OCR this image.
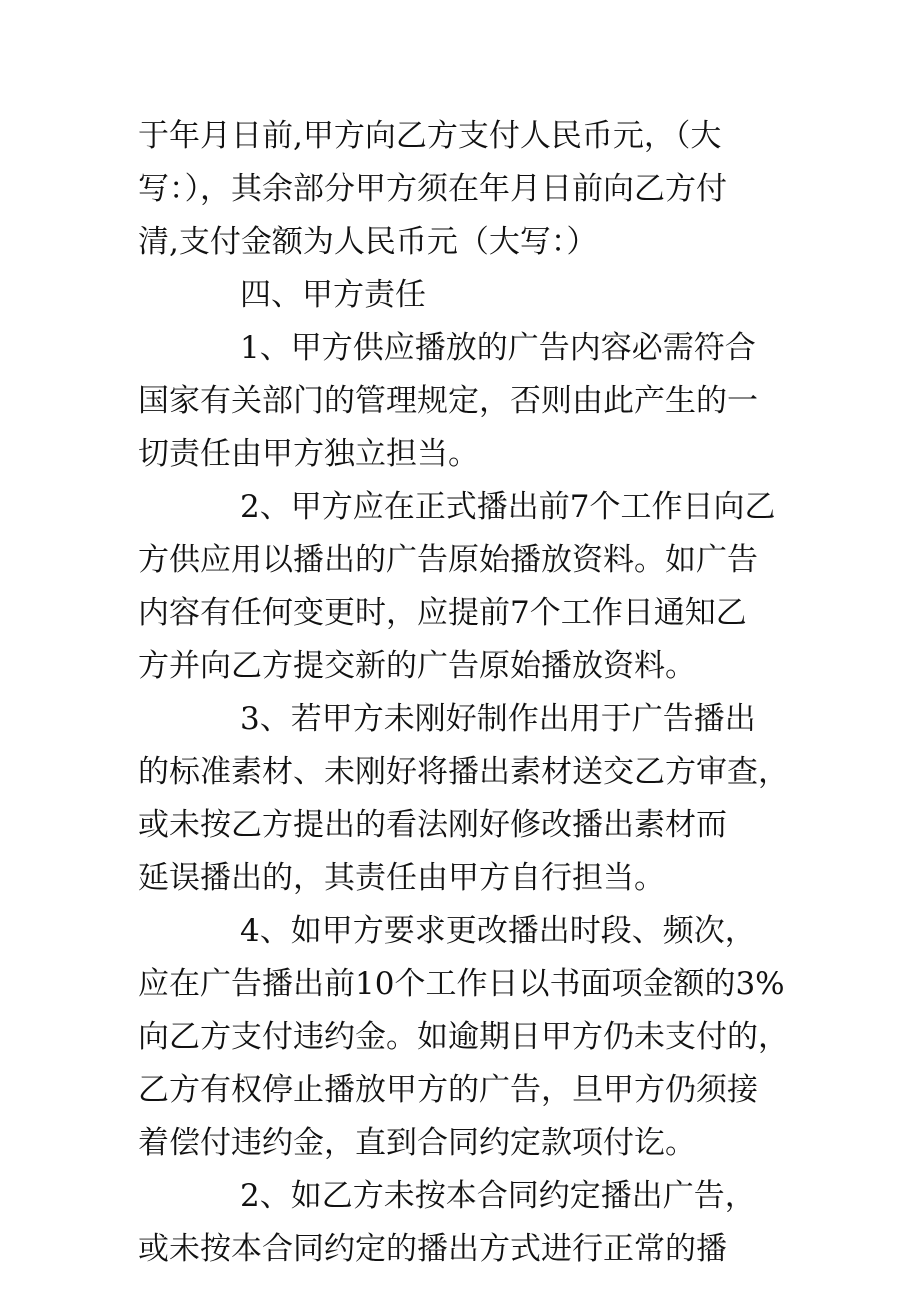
于年月日前,甲方向乙方支付人民币元，（大
写：），其余部分甲方须在年月日前向乙方付
清,支付金额为人民币元（大写：）
四、甲方责任
1、甲方供应播放的广告内容必需符合
国家有关部门的管理规定，否则由此产生的一
切责任由甲方独立担当。
2、甲方应在正式播出前7个工作日向乙
方供应用以播出的广告原始播放资料。如广告
内容有任何变更时，应提前7个工作日通知乙
方并向乙方提交新的广告原始播放资料。
3、若甲方未刚好制作出用于广告播出
的标准素材、未刚好将播出素材送交乙方审查，
或未按乙方提出的看法刚好修改播出素材而
延误播出的，其责任由甲方自行担当。
4、如甲方要求更改播出时段、频次，
应在广告播出前10个工作日以书面项金额的3%
向乙方支付违约金。如逾期日甲方仍未支付的，
乙方有权停止播放甲方的广告，旦甲方仍须接
着偿付违约金，直到合同约定款项付讫。
2、如乙方未按本合同约定播出广告，
或未按本合同约定的播出方式进行正常的播
